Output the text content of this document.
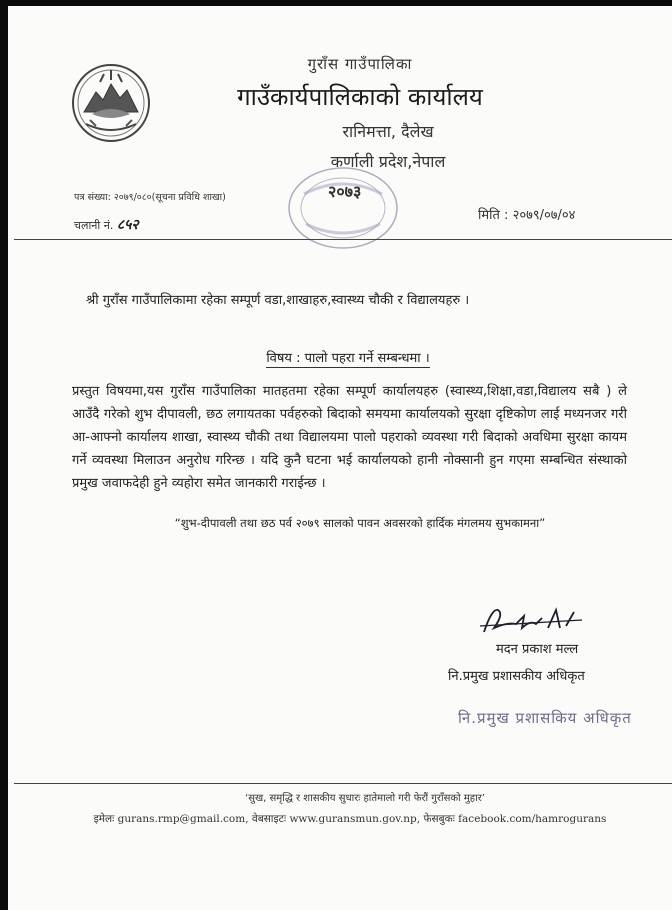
गुराँस गाउँपालिका
गाउँकार्यपालिकाको कार्यालय
रानिमत्ता, दैलेख
कर्णाली प्रदेश,नेपाल
पत्र संख्या: २०७९/०८०(सूचना प्रविधि शाखा)
चलानी नं. ८५२
मिति : २०७९/०७/०४
२०७३
श्री गुराँस गाउँपालिकामा रहेका सम्पूर्ण वडा,शाखाहरु,स्वास्थ्य चौकी र विद्यालयहरु ।
विषय : पालो पहरा गर्ने सम्बन्धमा ।
प्रस्तुत विषयमा,यस गुराँस गाउँपालिका मातहतमा रहेका सम्पूर्ण कार्यालयहरु (स्वास्थ्य,शिक्षा,वडा,विद्यालय सबै ) ले आउँदै गरेको शुभ दीपावली, छठ लगायतका पर्वहरुको बिदाको समयमा कार्यालयको सुरक्षा दृष्टिकोण लाई मध्यनजर गरी आ-आफ्नो कार्यालय शाखा, स्वास्थ्य चौकी तथा विद्यालयमा पालो पहराको व्यवस्था गरी बिदाको अवधिमा सुरक्षा कायम गर्ने व्यवस्था मिलाउन अनुरोध गरिन्छ । यदि कुनै घटना भई कार्यालयको हानी नोक्सानी हुन गएमा सम्बन्धित संस्थाको प्रमुख जवाफदेही हुने व्यहोरा समेत जानकारी गराईन्छ ।
“शुभ-दीपावली तथा छठ पर्व २०७९ सालको पावन अवसरको हार्दिक मंगलमय सुभकामना”
मदन प्रकाश मल्ल
नि.प्रमुख प्रशासकीय अधिकृत
नि.प्रमुख प्रशासकिय अधिकृत
‘सुख, समृद्धि र शासकीय सुधारः हातेमालो गरी फेरौं गुराँसको मुहार’
इमेलः gurans.rmp@gmail.com, वेबसाइटः www.guransmun.gov.np, फेसबुकः facebook.com/hamrogurans
